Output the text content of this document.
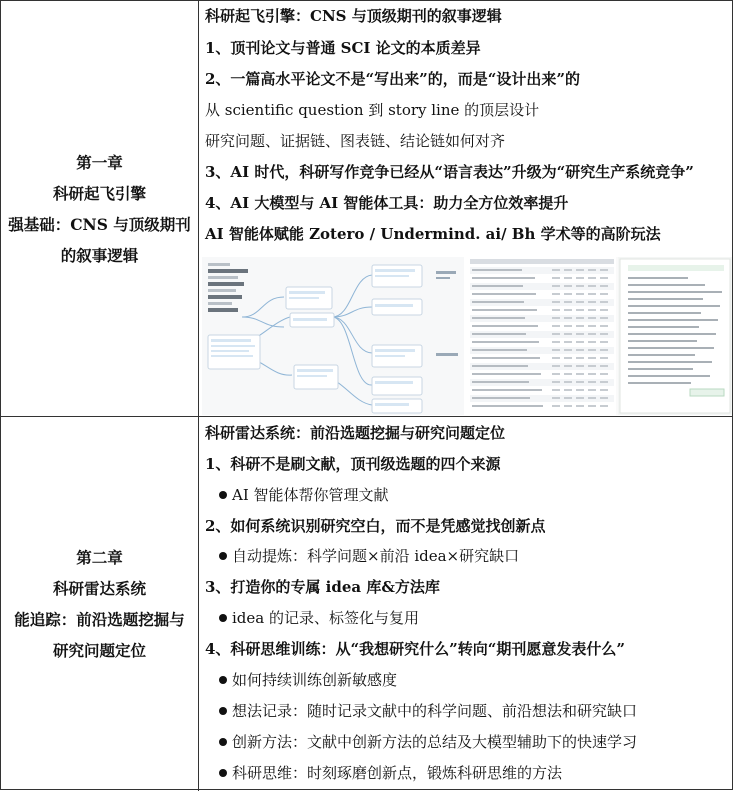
第一章
科研起飞引擎
强基础：CNS 与顶级期刊
的叙事逻辑
科研起飞引擎：CNS 与顶级期刊的叙事逻辑
1、顶刊论文与普通 SCI 论文的本质差异
2、一篇高水平论文不是“写出来”的，而是“设计出来”的
从 scientific question 到 story line 的顶层设计
研究问题、证据链、图表链、结论链如何对齐
3、AI 时代，科研写作竞争已经从“语言表达”升级为“研究生产系统竞争”
4、AI 大模型与 AI 智能体工具：助力全方位效率提升
AI 智能体赋能 Zotero / Undermind. ai/ Bh 学术等的高阶玩法
第二章
科研雷达系统
能追踪：前沿选题挖掘与
研究问题定位
科研雷达系统：前沿选题挖掘与研究问题定位
1、科研不是刷文献，顶刊级选题的四个来源
AI 智能体帮你管理文献
2、如何系统识别研究空白，而不是凭感觉找创新点
自动提炼：科学问题×前沿 idea×研究缺口
3、打造你的专属 idea 库&方法库
idea 的记录、标签化与复用
4、科研思维训练：从“我想研究什么”转向“期刊愿意发表什么”
如何持续训练创新敏感度
想法记录：随时记录文献中的科学问题、前沿想法和研究缺口
创新方法：文献中创新方法的总结及大模型辅助下的快速学习
科研思维：时刻琢磨创新点，锻炼科研思维的方法
